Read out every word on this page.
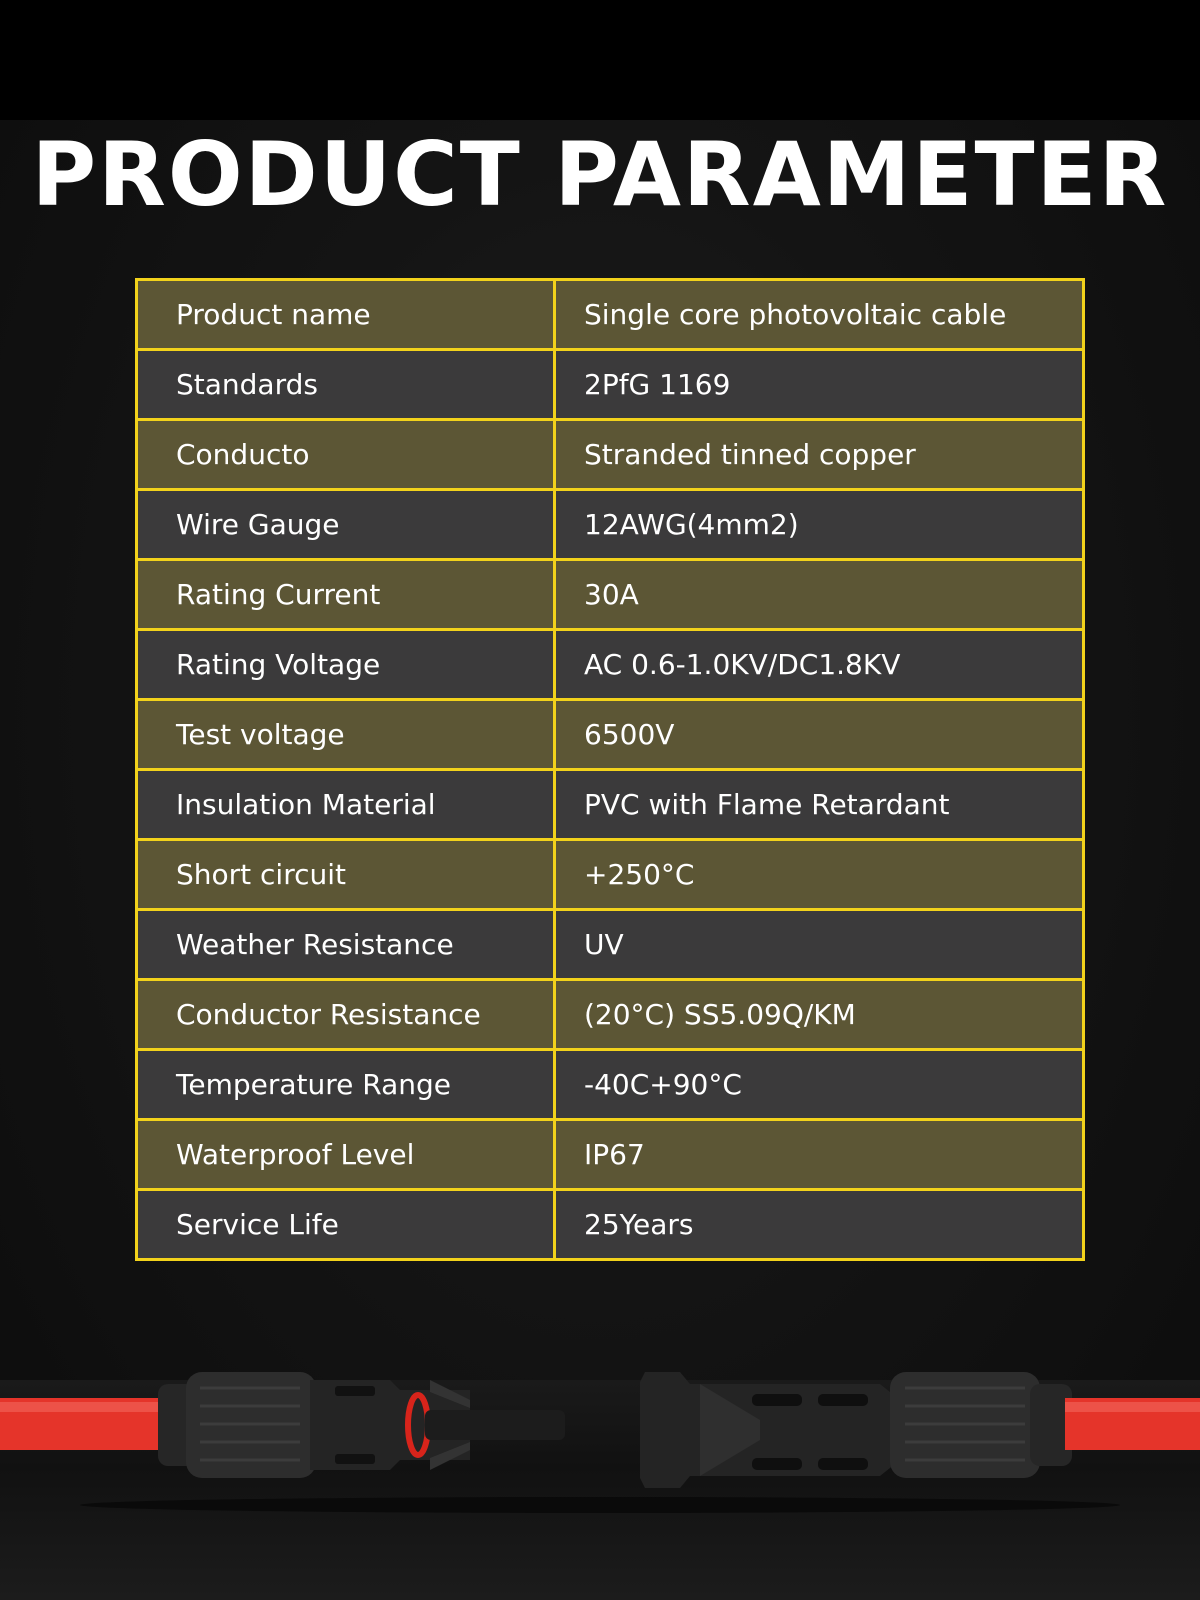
PRODUCT PARAMETER
Product name	Single core photovoltaic cable
Standards	2PfG 1169
Conducto	Stranded tinned copper
Wire Gauge	12AWG(4mm2)
Rating Current	30A
Rating Voltage	AC 0.6-1.0KV/DC1.8KV
Test voltage	6500V
Insulation Material	PVC with Flame Retardant
Short circuit	+250°C
Weather Resistance	UV
Conductor Resistance	(20°C) SS5.09Q/KM
Temperature Range	-40C+90°C
Waterproof Level	IP67
Service Life	25Years
